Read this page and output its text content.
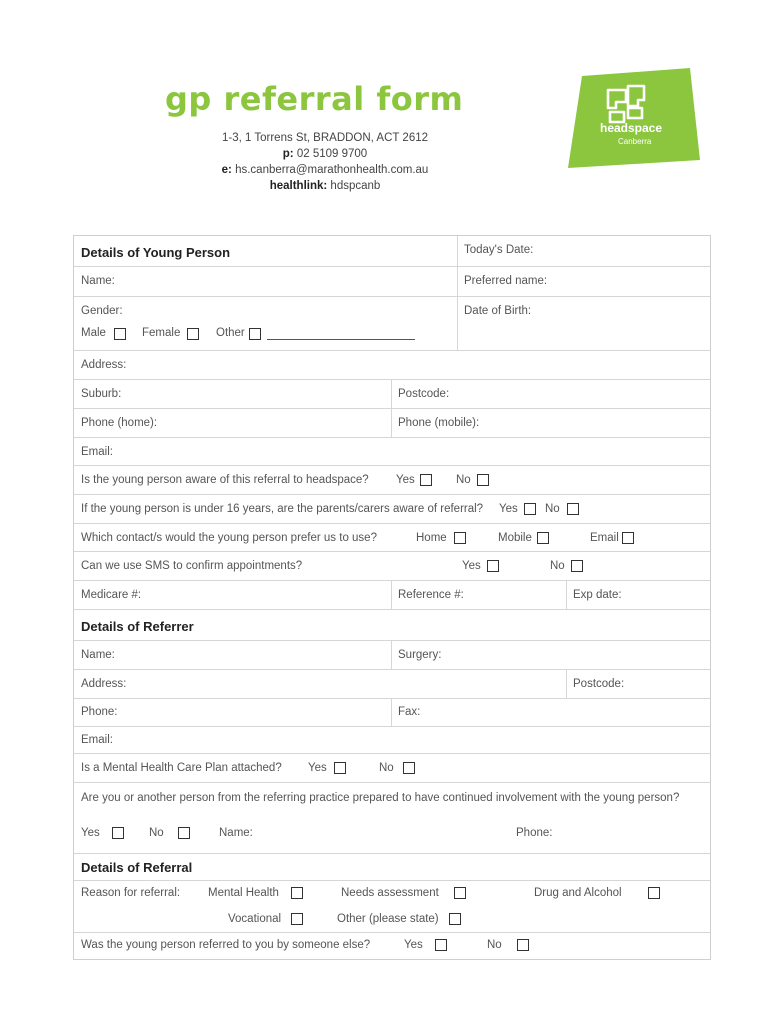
gp referral form
1-3, 1 Torrens St, BRADDON, ACT 2612
p: 02 5109 9700
e: hs.canberra@marathonhealth.com.au
healthlink: hdspcanb
headspace
Canberra
Details of Young Person	Today's Date:
Name:	Preferred name:
Gender:
Male	Female	Other
Date of Birth:
Address:
Suburb:	Postcode:
Phone (home):	Phone (mobile):
Email:
Is the young person aware of this referral to headspace? Yes	No
If the young person is under 16 years, are the parents/carers aware of referral? Yes No
Which contact/s would the young person prefer us to use?	Home	Mobile	Email
Can we use SMS to confirm appointments?	Yes	No
Medicare #:	Reference #:	Exp date:
Details of Referrer
Name:	Surgery:
Address:	Postcode:
Phone:	Fax:
Email:
Is a Mental Health Care Plan attached? Yes	No
Are you or another person from the referring practice prepared to have continued involvement with the young person?
Yes	No	Name:	Phone:
Details of Referral
Reason for referral: Mental Health	Needs assessment	Drug and Alcohol
Vocational	Other (please state)
Was the young person referred to you by someone else?	Yes	No
